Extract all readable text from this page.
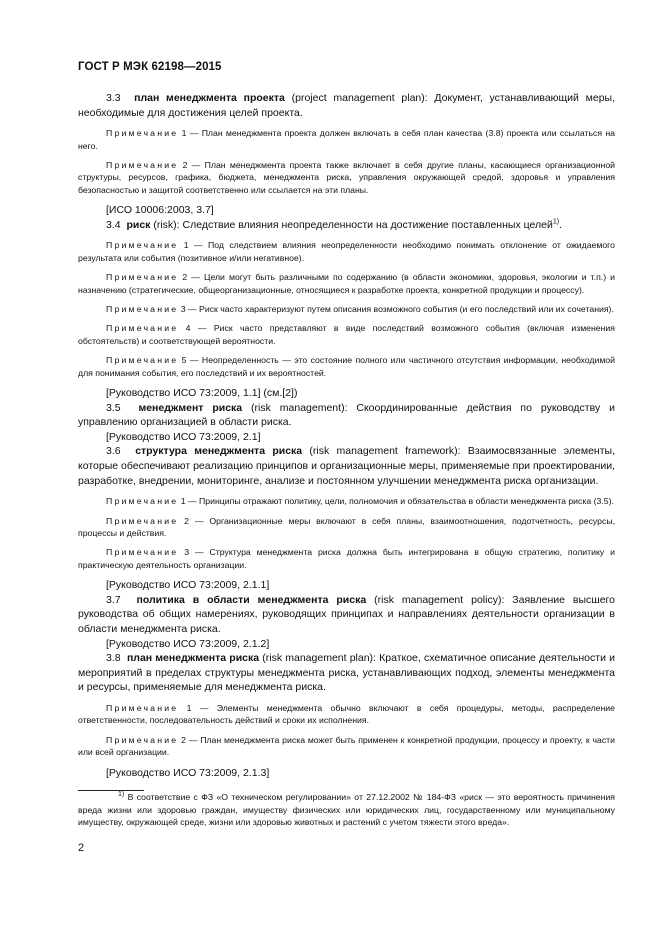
ГОСТ Р МЭК 62198—2015

3.3 план менеджмента проекта (project management plan): Документ, устанавливающий меры, необходимые для достижения целей проекта.

Примечание 1 — План менеджмента проекта должен включать в себя план качества (3.8) проекта или ссылаться на него.

Примечание 2 — План менеджмента проекта также включает в себя другие планы, касающиеся организационной структуры, ресурсов, графика, бюджета, менеджмента риска, управления окружающей средой, здоровья и управления безопасностью и защитой соответственно или ссылается на эти планы.

[ИСО 10006:2003, 3.7]

3.4 риск (risk): Следствие влияния неопределенности на достижение поставленных целей$^{1)}$.

Примечание 1 — Под следствием влияния неопределенности необходимо понимать отклонение от ожидаемого результата или события (позитивное и/или негативное).

Примечание 2 — Цели могут быть различными по содержанию (в области экономики, здоровья, экологии и т.п.) и назначению (стратегические, общеорганизационные, относящиеся к разработке проекта, конкретной продукции и процессу).

Примечание 3 — Риск часто характеризуют путем описания возможного события (и его последствий или их сочетания).

Примечание 4 — Риск часто представляют в виде последствий возможного события (включая изменения обстоятельств) и соответствующей вероятности.

Примечание 5 — Неопределенность — это состояние полного или частичного отсутствия информации, необходимой для понимания события, его последствий и их вероятностей.

[Руководство ИСО 73:2009, 1.1] (см.[2])

3.5 менеджмент риска (risk management): Скоординированные действия по руководству и управлению организацией в области риска.

[Руководство ИСО 73:2009, 2.1]

3.6 структура менеджмента риска (risk management framework): Взаимосвязанные элементы, которые обеспечивают реализацию принципов и организационные меры, применяемые при проектировании, разработке, внедрении, мониторинге, анализе и постоянном улучшении менеджмента риска организации.

Примечание 1 — Принципы отражают политику, цели, полномочия и обязательства в области менеджмента риска (3.5).

Примечание 2 — Организационные меры включают в себя планы, взаимоотношения, подотчетность, ресурсы, процессы и действия.

Примечание 3 — Структура менеджмента риска должна быть интегрирована в общую стратегию, политику и практическую деятельность организации.

[Руководство ИСО 73:2009, 2.1.1]

3.7 политика в области менеджмента риска (risk management policy): Заявление высшего руководства об общих намерениях, руководящих принципах и направлениях деятельности организации в области менеджмента риска.

[Руководство ИСО 73:2009, 2.1.2]

3.8 план менеджмента риска (risk management plan): Краткое, схематичное описание деятельности и мероприятий в пределах структуры менеджмента риска, устанавливающих подход, элементы менеджмента и ресурсы, применяемые для менеджмента риска.

Примечание 1 — Элементы менеджмента обычно включают в себя процедуры, методы, распределение ответственности, последовательность действий и сроки их исполнения.

Примечание 2 — План менеджмента риска может быть применен к конкретной продукции, процессу и проекту, к части или всей организации.

[Руководство ИСО 73:2009, 2.1.3]

$^{1)}$ В соответствие с ФЗ «О техническом регулировании» от 27.12.2002 № 184-ФЗ «риск — это вероятность причинения вреда жизни или здоровью граждан, имуществу физических или юридических лиц, государственному или муниципальному имуществу, окружающей среде, жизни или здоровью животных и растений с учетом тяжести этого вреда».

2
